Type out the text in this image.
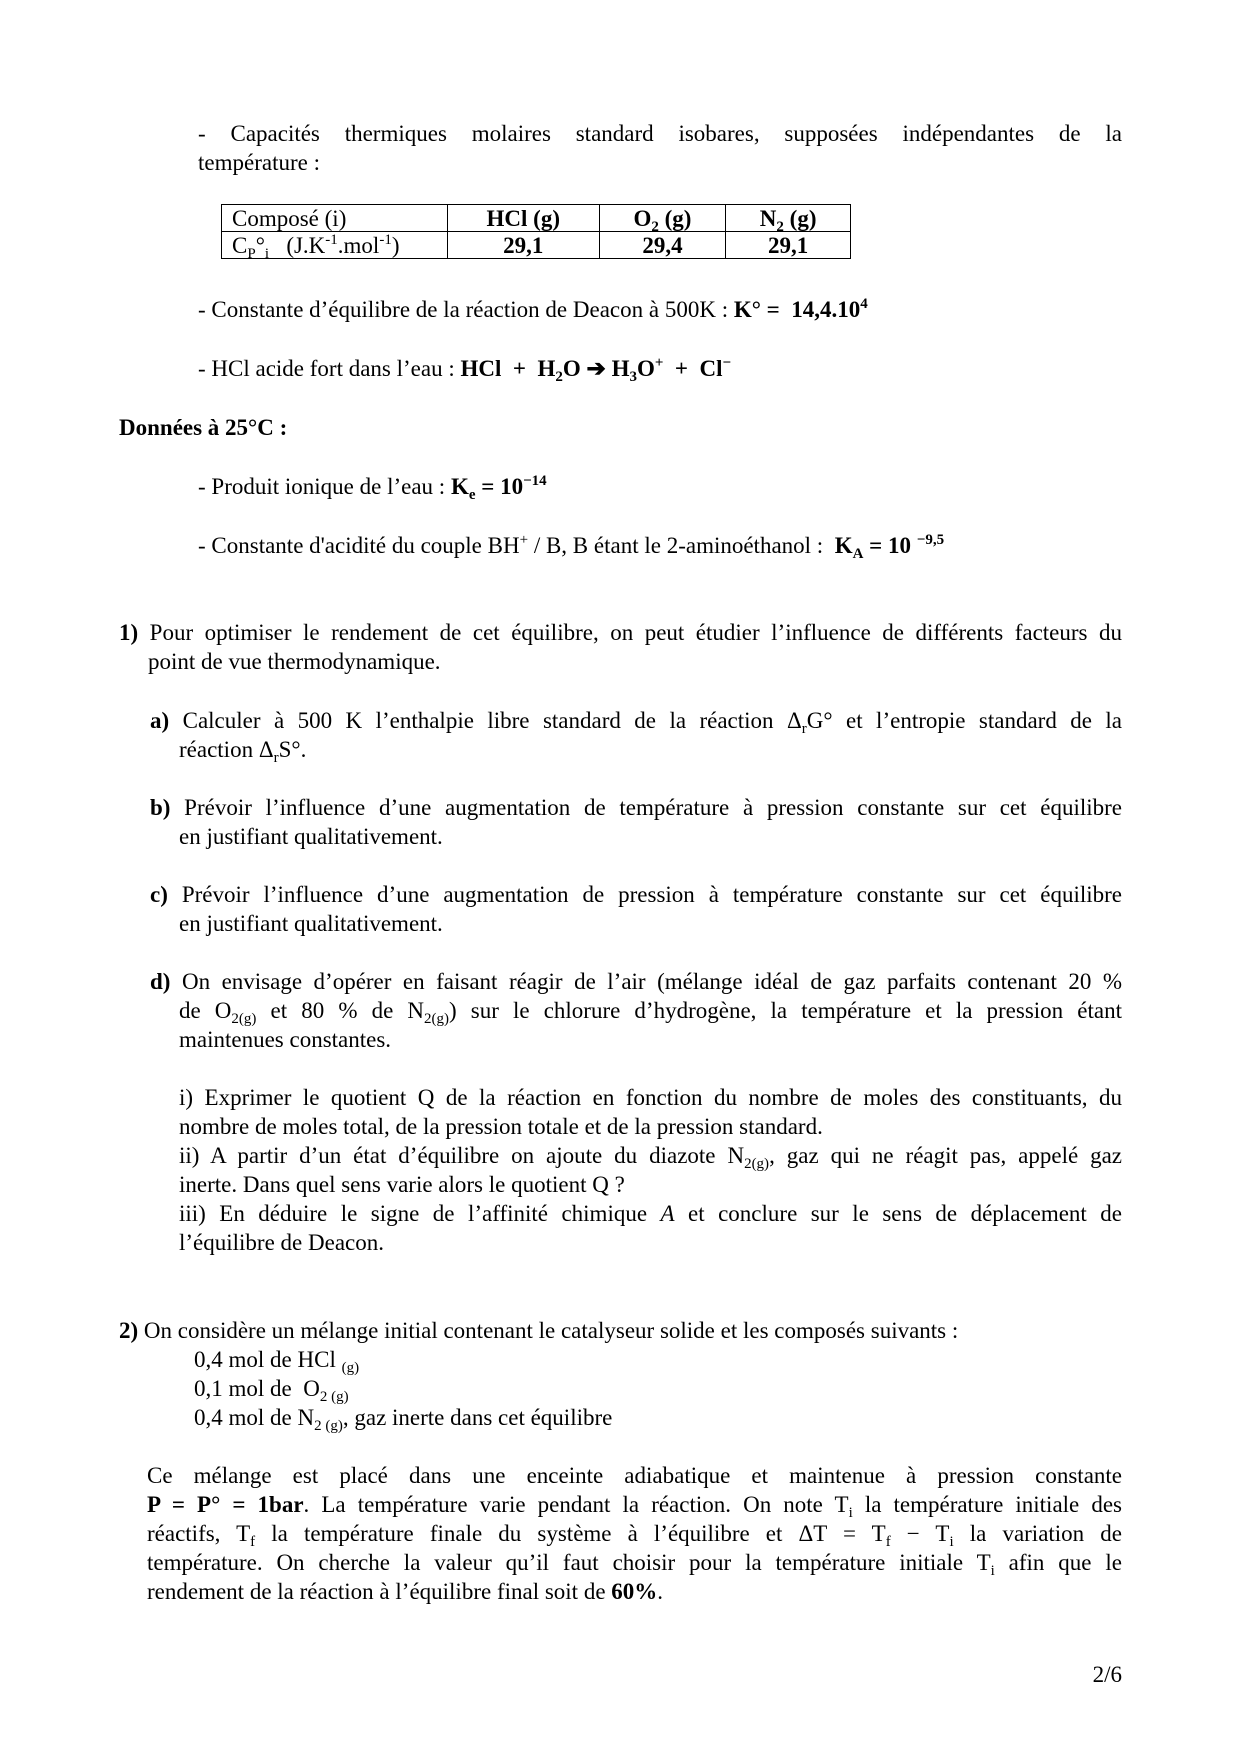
- Capacités thermiques molaires standard isobares, supposées indépendantes de la
température :
Composé (i)	HCl (g)	$O_2$ (g)	$N_2$ (g)
$C_P^\circ_i$   $(J.K^{-1}.mol^{-1})$	29,1	29,4	29,1
- Constante d’équilibre de la réaction de Deacon à 500K : K° =  14,4.10$^4$
- HCl acide fort dans l’eau : HCl  +  $H_2O$ ➔ $H_3O^+ + Cl^-$
Données à 25°C :
- Produit ionique de l’eau : $K_e = 10^{-14}$
- Constante d'acidité du couple BH+ / B, B étant le 2-aminoéthanol :  $K_A = 10$ $^{-9,5}$
1) Pour optimiser le rendement de cet équilibre, on peut étudier l’influence de différents facteurs du
point de vue thermodynamique.
a) Calculer à 500 K l’enthalpie libre standard de la réaction $\Delta_rG^\circ$ et l’entropie standard de la
réaction $\Delta_rS^\circ$.
b) Prévoir l’influence d’une augmentation de température à pression constante sur cet équilibre
en justifiant qualitativement.
c) Prévoir l’influence d’une augmentation de pression à température constante sur cet équilibre
en justifiant qualitativement.
d) On envisage d’opérer en faisant réagir de l’air (mélange idéal de gaz parfaits contenant 20 %
de $O_{2(g)}$ et 80 % de $N_{2(g)}$) sur le chlorure d’hydrogène, la température et la pression étant
maintenues constantes.
i) Exprimer le quotient Q de la réaction en fonction du nombre de moles des constituants, du
nombre de moles total, de la pression totale et de la pression standard.
ii) A partir d’un état d’équilibre on ajoute du diazote $N_{2(g)}$, gaz qui ne réagit pas, appelé gaz
inerte. Dans quel sens varie alors le quotient Q ?
iii) En déduire le signe de l’affinité chimique A et conclure sur le sens de déplacement de
l’équilibre de Deacon.
2) On considère un mélange initial contenant le catalyseur solide et les composés suivants :
0,4 mol de HCl $_{(g)}$
0,1 mol de  $O_{2 (g)}$
0,4 mol de $N_{2 (g)}$, gaz inerte dans cet équilibre
Ce mélange est placé dans une enceinte adiabatique et maintenue à pression constante
P = P° = 1bar. La température varie pendant la réaction. On note $T_i$ la température initiale des
réactifs, $T_f$ la température finale du système à l’équilibre et $\Delta T = T_f - T_i$ la variation de
température. On cherche la valeur qu’il faut choisir pour la température initiale $T_i$ afin que le
rendement de la réaction à l’équilibre final soit de 60%.
2/6
